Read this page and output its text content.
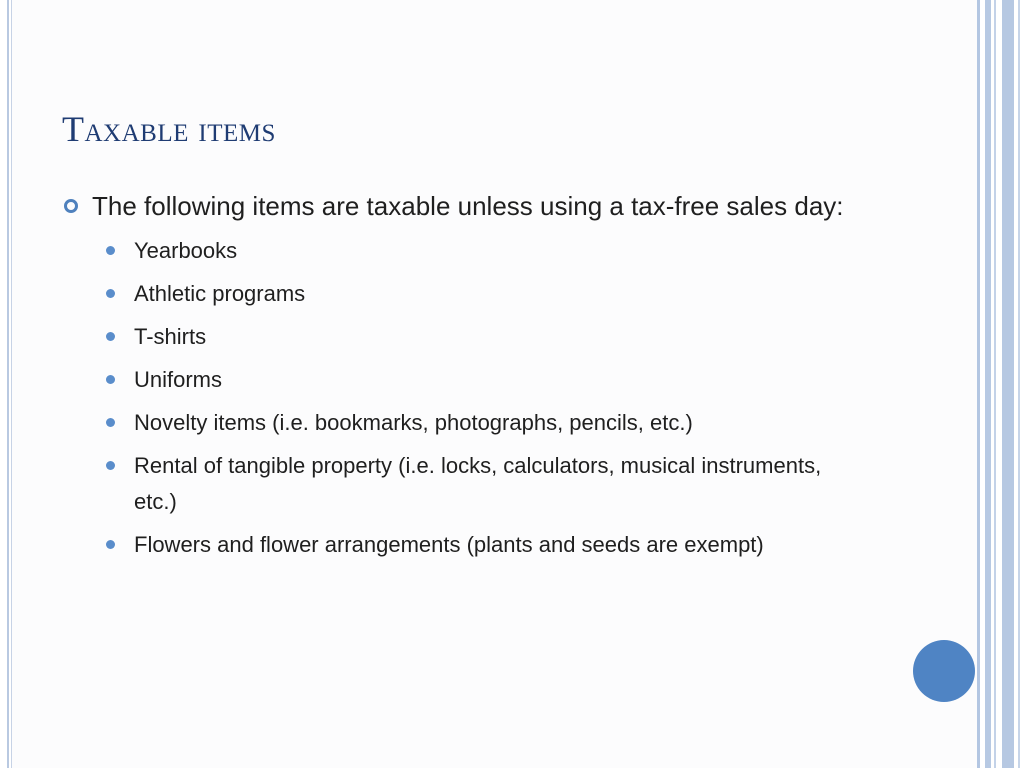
Taxable items

The following items are taxable unless using a tax-free sales day:

Yearbooks
Athletic programs
T-shirts
Uniforms
Novelty items (i.e. bookmarks, photographs, pencils, etc.)
Rental of tangible property (i.e. locks, calculators, musical instruments, etc.)
Flowers and flower arrangements (plants and seeds are exempt)
